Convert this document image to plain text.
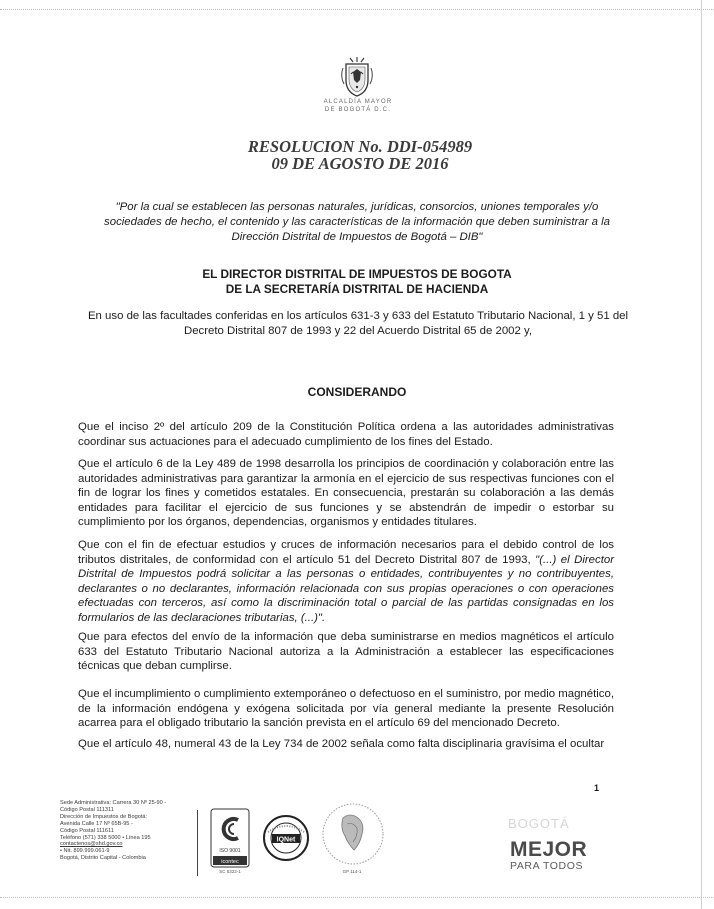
ALCALDÍA MAYOR
DE BOGOTÁ D.C.
RESOLUCION No. DDI-054989
09 DE AGOSTO DE 2016
"Por la cual se establecen las personas naturales, jurídicas, consorcios, uniones temporales y/o sociedades de hecho, el contenido y las características de la información que deben suministrar a la Dirección Distrital de Impuestos de Bogotá – DIB"
EL DIRECTOR DISTRITAL DE IMPUESTOS DE BOGOTA
DE LA SECRETARÍA DISTRITAL DE HACIENDA
En uso de las facultades conferidas en los artículos 631-3 y 633 del Estatuto Tributario Nacional, 1 y 51 del Decreto Distrital 807 de 1993 y 22 del Acuerdo Distrital 65 de 2002 y,
CONSIDERANDO
Que el inciso 2º del artículo 209 de la Constitución Política ordena a las autoridades administrativas coordinar sus actuaciones para el adecuado cumplimiento de los fines del Estado.
Que el artículo 6 de la Ley 489 de 1998 desarrolla los principios de coordinación y colaboración entre las autoridades administrativas para garantizar la armonía en el ejercicio de sus respectivas funciones con el fin de lograr los fines y cometidos estatales. En consecuencia, prestarán su colaboración a las demás entidades para facilitar el ejercicio de sus funciones y se abstendrán de impedir o estorbar su cumplimiento por los órganos, dependencias, organismos y entidades titulares.
Que con el fin de efectuar estudios y cruces de información necesarios para el debido control de los tributos distritales, de conformidad con el artículo 51 del Decreto Distrital 807 de 1993, "(...) el Director Distrital de Impuestos podrá solicitar a las personas o entidades, contribuyentes y no contribuyentes, declarantes o no declarantes, información relacionada con sus propias operaciones o con operaciones efectuadas con terceros, así como la discriminación total o parcial de las partidas consignadas en los formularios de las declaraciones tributarias, (...)".
Que para efectos del envío de la información que deba suministrarse en medios magnéticos el artículo 633 del Estatuto Tributario Nacional autoriza a la Administración a establecer las especificaciones técnicas que deban cumplirse.
Que el incumplimiento o cumplimiento extemporáneo o defectuoso en el suministro, por medio magnético, de la información endógena y exógena solicitada por vía general mediante la presente Resolución acarrea para el obligado tributario la sanción prevista en el artículo 69 del mencionado Decreto.
Que el artículo 48, numeral 43 de la Ley 734 de 2002 señala como falta disciplinaria gravísima el ocultar
1
Sede Administrativa: Carrera 30 Nº 25-90 -
Código Postal 111311
Dirección de Impuestos de Bogotá:
Avenida Calle 17 Nº 65B-95 -
Código Postal 111611
Teléfono (571) 338 5000 • Línea 195
contactenos@shd.gov.co
• Nit. 899.999.061-9
Bogotá, Distrito Capital - Colombia
ISO 9001
icontec
SC 5322-1
IQNet
GP 114-1
BOGOTÁ
MEJOR
PARA TODOS
